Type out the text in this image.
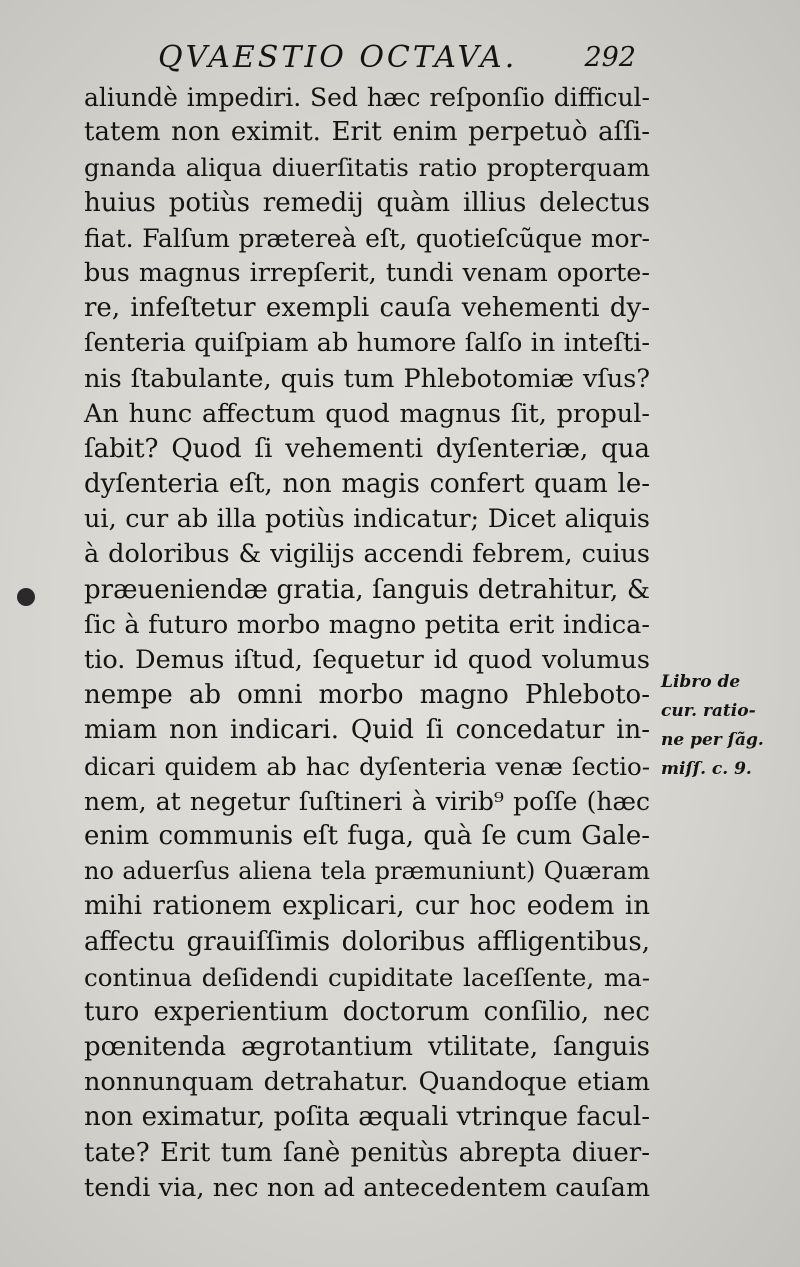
QVAESTIO OCTAVA. 292
aliundè impediri. Sed hæc reſponſio difficul-
tatem non eximit. Erit enim perpetuò aſſi-
gnanda aliqua diuerſitatis ratio propterquam
huius potiùs remedij quàm illius delectus
fiat. Falſum prætereà eſt, quotieſcũque mor-
bus magnus irrepſerit, tundi venam oporte-
re, infeſtetur exempli cauſa vehementi dy-
ſenteria quiſpiam ab humore ſalſo in inteſti-
nis ſtabulante, quis tum Phlebotomiæ vſus?
An hunc affectum quod magnus ſit, propul-
ſabit? Quod ſi vehementi dyſenteriæ, qua
dyſenteria eſt, non magis confert quam le-
ui, cur ab illa potiùs indicatur; Dicet aliquis
à doloribus & vigilijs accendi febrem, cuius
præueniendæ gratia, ſanguis detrahitur, &
ſic à futuro morbo magno petita erit indica-
tio. Demus iſtud, ſequetur id quod volumus
nempe ab omni morbo magno Phleboto-
miam non indicari. Quid ſi concedatur in-
dicari quidem ab hac dyſenteria venæ ſectio-
nem, at negetur ſuſtineri à virib⁹ poſſe (hæc
enim communis eſt fuga, quà ſe cum Gale-
no aduerſus aliena tela præmuniunt) Quæram
mihi rationem explicari, cur hoc eodem in
affectu grauiſſimis doloribus affligentibus,
continua deſidendi cupiditate laceſſente, ma-
turo experientium doctorum conſilio, nec
pœnitenda ægrotantium vtilitate, ſanguis
nonnunquam detrahatur. Quandoque etiam
non eximatur, poſita æquali vtrinque facul-
tate? Erit tum ſanè penitùs abrepta diuer-
tendi via, nec non ad antecedentem cauſam
Libro de
cur. ratio-
ne per ſãg.
miſſ. c. 9.
